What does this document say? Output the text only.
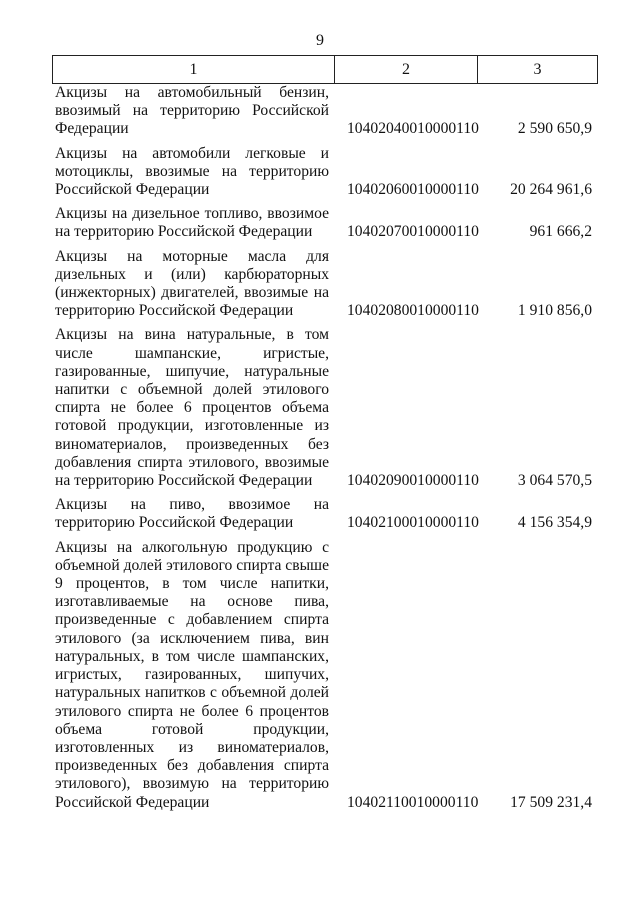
9
1	2	3
Акцизы на автомобильный бензин, ввозимый на территорию Российской Федерации	10402040010000110	2 590 650,9
Акцизы на автомобили легковые и мотоциклы, ввозимые на территорию Российской Федерации	10402060010000110	20 264 961,6
Акцизы на дизельное топливо, ввозимое на территорию Российской Федерации	10402070010000110	961 666,2
Акцизы на моторные масла для дизельных и (или) карбюраторных (инжекторных) двигателей, ввозимые на территорию Российской Федерации	10402080010000110	1 910 856,0
Акцизы на вина натуральные, в том числе шампанские, игристые, газированные, шипучие, натуральные напитки с объемной долей этилового спирта не более 6 процентов объема готовой продукции, изготовленные из виноматериалов, произведенных без добавления спирта этилового, ввозимые на территорию Российской Федерации	10402090010000110	3 064 570,5
Акцизы на пиво, ввозимое на территорию Российской Федерации	10402100010000110	4 156 354,9
Акцизы на алкогольную продукцию с объемной долей этилового спирта свыше 9 процентов, в том числе напитки, изготавливаемые на основе пива, произведенные с добавлением спирта этилового (за исключением пива, вин натуральных, в том числе шампанских, игристых, газированных, шипучих, натуральных напитков с объемной долей этилового спирта не более 6 процентов объема готовой продукции, изготовленных из виноматериалов, произведенных без добавления спирта этилового), ввозимую на территорию Российской Федерации	10402110010000110	17 509 231,4
